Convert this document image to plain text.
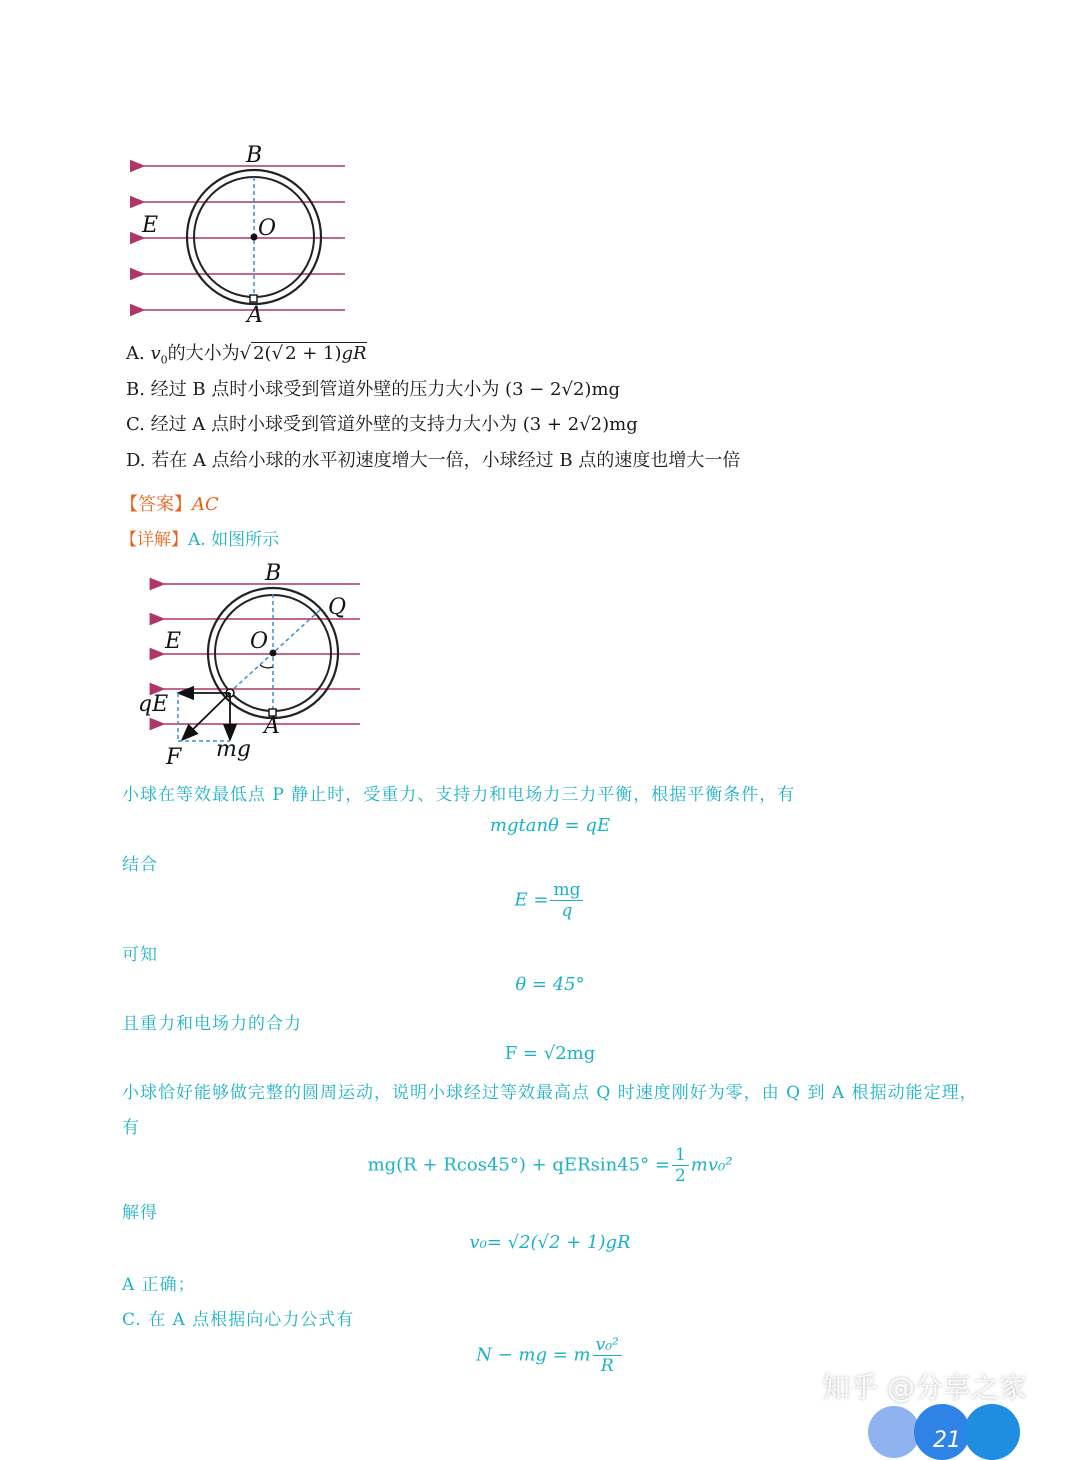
B
E	O
A
A. $v_0$的大小为√ 2(√ 2 + 1)gR
B. 经过 B 点时小球受到管道外壁的压力大小为 (3 − 2√2)mg
C. 经过 A 点时小球受到管道外壁的支持力大小为 (3 + 2√2)mg
D. 若在 A 点给小球的水平初速度增大一倍，小球经过 B 点的速度也增大一倍
【答案】AC
【详解】A. 如图所示
B
Q
E	O
qE
A
F mg
小球在等效最低点 P 静止时，受重力、支持力和电场力三力平衡，根据平衡条件，有
mgtanθ = qE
结合
$E = \frac{mg}{q}$
可知
θ = 45°
且重力和电场力的合力
F = √2mg
小球恰好能够做完整的圆周运动，说明小球经过等效最高点 Q 时速度刚好为零，由 Q 到 A 根据动能定理，
有
$mg(R + Rcos45^\circ) + qERsin45^\circ = \frac{1}{2} mv_0^2$
解得
v₀= √2(√2 + 1)gR
A 正确；
C. 在 A 点根据向心力公式有
N − mg = m $\frac{\text{v₀²}}{R}$
21
知乎 @分享之家
